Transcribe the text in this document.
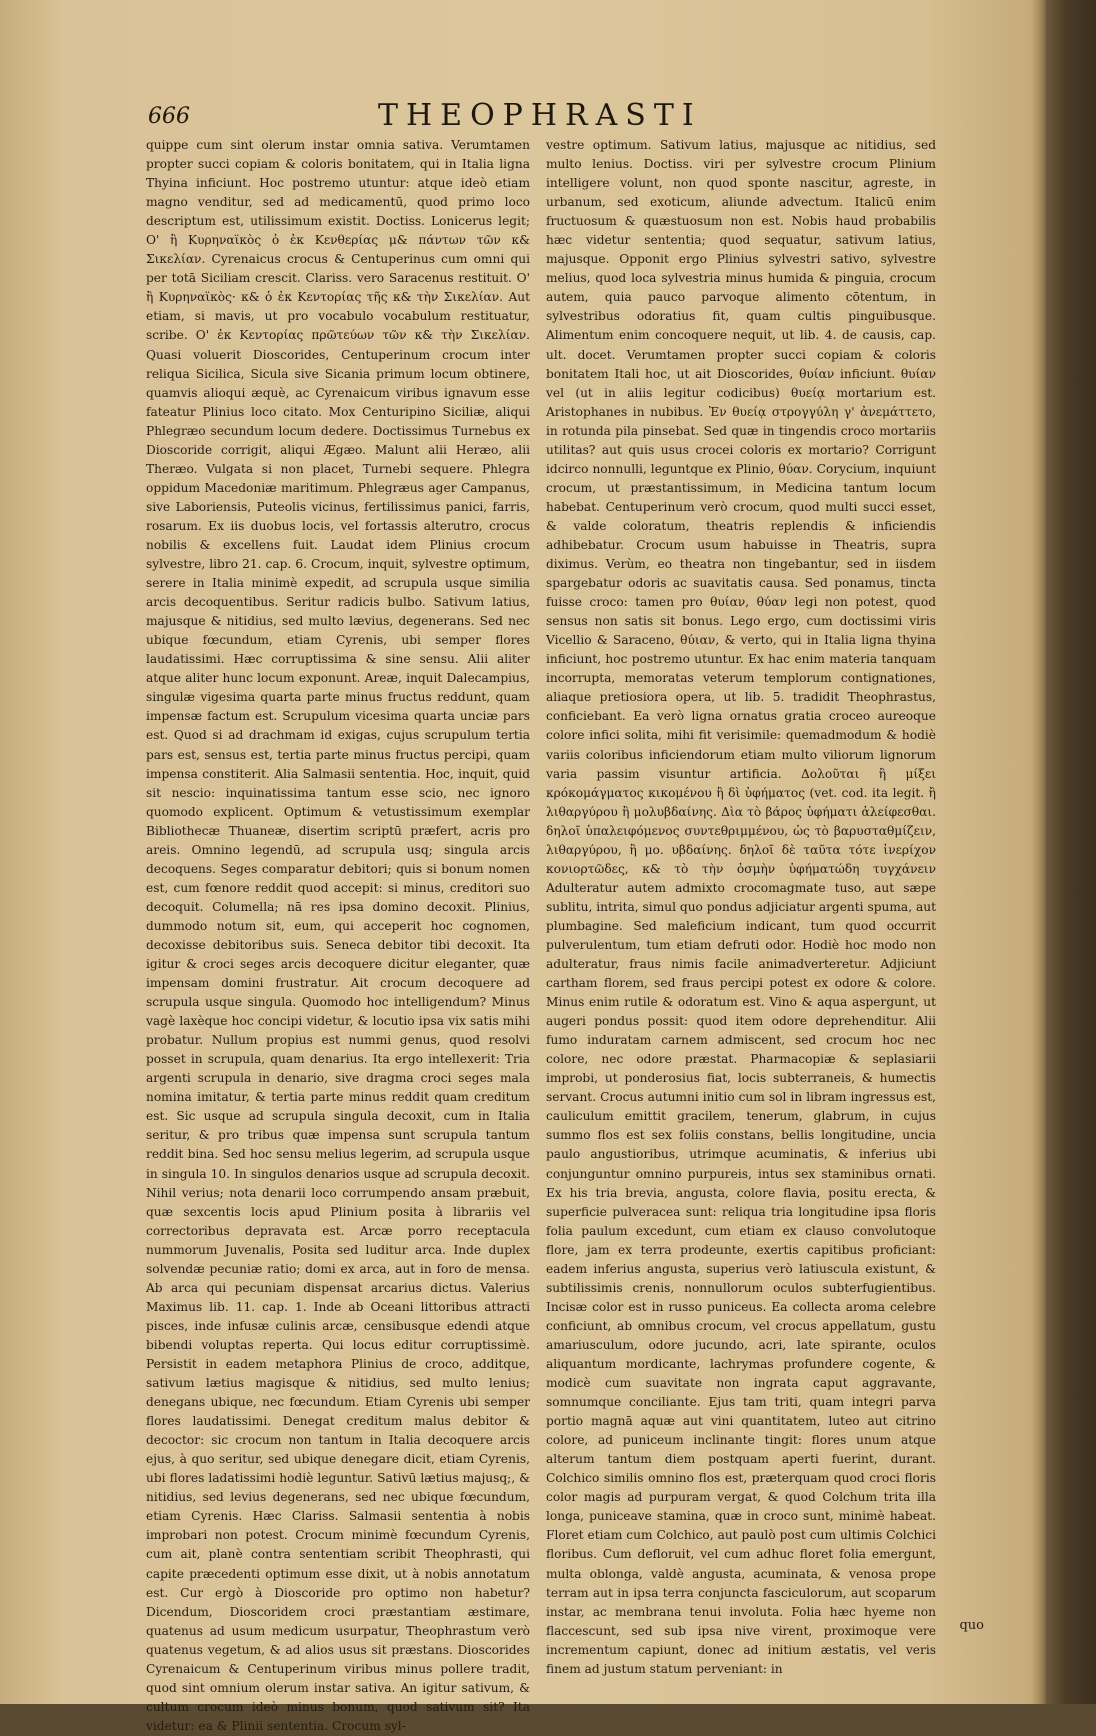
666	THEOPHRASTI

quippe cum sint olerum instar omnia sativa. Verumtamen propter succi copiam & coloris bonitatem, qui in Italia ligna Thyina inficiunt. Hoc postremo utuntur: atque ideò etiam magno venditur, sed ad medicamentū, quod primo loco descriptum est, utilissimum existit. Doctiss. Lonicerus legit; Ο' ἢ Κυρηναϊκὸς ὁ ἐκ Κενθερίας μ& πάντων τῶν κ& Σικελίαν. Cyrenaicus crocus & Centuperinus cum omni qui per totā Siciliam crescit. Clariss. vero Saracenus restituit. Ο' ἢ Κυρηναϊκὸς· κ& ὁ ἐκ Κεντορίας τῆς κ& τὴν Σικελίαν. Aut etiam, si mavis, ut pro vocabulo vocabulum restituatur, scribe. Ο' ἐκ Κεντορίας πρῶτεύων τῶν κ& τὴν Σικελίαν. Quasi voluerit Dioscorides, Centuperinum crocum inter reliqua Sicilica, Sicula sive Sicania primum locum obtinere, quamvis alioqui æquè, ac Cyrenaicum viribus ignavum esse fateatur Plinius loco citato. Mox Centuripino Siciliæ, aliqui Phlegræo secundum locum dedere. Doctissimus Turnebus ex Dioscoride corrigit, aliqui Ægæo. Malunt alii Heræo, alii Theræo. Vulgata si non placet, Turnebi sequere. Phlegra oppidum Macedoniæ maritimum. Phlegræus ager Campanus, sive Laboriensis, Puteolis vicinus, fertilissimus panici, farris, rosarum. Ex iis duobus locis, vel fortassis alterutro, crocus nobilis & excellens fuit. Laudat idem Plinius crocum sylvestre, libro 21. cap. 6. Crocum, inquit, sylvestre optimum, serere in Italia minimè expedit, ad scrupula usque similia arcis decoquentibus. Seritur radicis bulbo. Sativum latius, majusque & nitidius, sed multo lævius, degenerans. Sed nec ubique fœcundum, etiam Cyrenis, ubi semper flores laudatissimi. Hæc corruptissima & sine sensu. Alii aliter atque aliter hunc locum exponunt. Areæ, inquit Dalecampius, singulæ vigesima quarta parte minus fructus reddunt, quam impensæ factum est. Scrupulum vicesima quarta unciæ pars est. Quod si ad drachmam id exigas, cujus scrupulum tertia pars est, sensus est, tertia parte minus fructus percipi, quam impensa constiterit. Alia Salmasii sententia. Hoc, inquit, quid sit nescio: inquinatissima tantum esse scio, nec ignoro quomodo explicent. Optimum & vetustissimum exemplar Bibliothecæ Thuaneæ, disertim scriptū præfert, acris pro areis. Omnino legendū, ad scrupula usq; singula arcis decoquens. Seges comparatur debitori; quis si bonum nomen est, cum fœnore reddit quod accepit: si minus, creditori suo decoquit. Columella; nā res ipsa domino decoxit. Plinius, dummodo notum sit, eum, qui acceperit hoc cognomen, decoxisse debitoribus suis. Seneca debitor tibi decoxit. Ita igitur & croci seges arcis decoquere dicitur eleganter, quæ impensam domini frustratur. Ait crocum decoquere ad scrupula usque singula. Quomodo hoc intelligendum? Minus vagè laxèque hoc concipi videtur, & locutio ipsa vix satis mihi probatur. Nullum propius est nummi genus, quod resolvi posset in scrupula, quam denarius. Ita ergo intellexerit: Tria argenti scrupula in denario, sive dragma croci seges mala nomina imitatur, & tertia parte minus reddit quam creditum est. Sic usque ad scrupula singula decoxit, cum in Italia seritur, & pro tribus quæ impensa sunt scrupula tantum reddit bina. Sed hoc sensu melius legerim, ad scrupula usque in singula 10. In singulos denarios usque ad scrupula decoxit. Nihil verius; nota denarii loco corrumpendo ansam præbuit, quæ sexcentis locis apud Plinium posita à librariis vel correctoribus depravata est. Arcæ porro receptacula nummorum Juvenalis, Posita sed luditur arca. Inde duplex solvendæ pecuniæ ratio; domi ex arca, aut in foro de mensa. Ab arca qui pecuniam dispensat arcarius dictus. Valerius Maximus lib. 11. cap. 1. Inde ab Oceani littoribus attracti pisces, inde infusæ culinis arcæ, censibusque edendi atque bibendi voluptas reperta. Qui locus editur corruptissimè. Persistit in eadem metaphora Plinius de croco, additque, sativum lætius magisque & nitidius, sed multo lenius; denegans ubique, nec fœcundum. Etiam Cyrenis ubi semper flores laudatissimi. Denegat creditum malus debitor & decoctor: sic crocum non tantum in Italia decoquere arcis ejus, à quo seritur, sed ubique denegare dicit, etiam Cyrenis, ubi flores ladatissimi hodiè leguntur. Sativū lætius majusq;, & nitidius, sed levius degenerans, sed nec ubique fœcundum, etiam Cyrenis. Hæc Clariss. Salmasii sententia à nobis improbari non potest. Crocum minimè fœcundum Cyrenis, cum ait, planè contra sententiam scribit Theophrasti, qui capite præcedenti optimum esse dixit, ut à nobis annotatum est. Cur ergò à Dioscoride pro optimo non habetur? Dicendum, Dioscoridem croci præstantiam æstimare, quatenus ad usum medicum usurpatur, Theophrastum verò quatenus vegetum, & ad alios usus sit præstans. Dioscorides Cyrenaicum & Centuperinum viribus minus pollere tradit, quod sint omnium olerum instar sativa. An igitur sativum, & cultum crocum ideò minus bonum, quod sativum sit? Ita videtur: ea & Plinii sententia. Crocum syl-

vestre optimum. Sativum latius, majusque ac nitidius, sed multo lenius. Doctiss. viri per sylvestre crocum Plinium intelligere volunt, non quod sponte nascitur, agreste, in urbanum, sed exoticum, aliunde advectum. Italicū enim fructuosum & quæstuosum non est. Nobis haud probabilis hæc videtur sententia; quod sequatur, sativum latius, majusque. Opponit ergo Plinius sylvestri sativo, sylvestre melius, quod loca sylvestria minus humida & pinguia, crocum autem, quia pauco parvoque alimento cōtentum, in sylvestribus odoratius fit, quam cultis pinguibusque. Alimentum enim concoquere nequit, ut lib. 4. de causis, cap. ult. docet. Verumtamen propter succi copiam & coloris bonitatem Itali hoc, ut ait Dioscorides, θυίαν inficiunt. θυίαν vel (ut in aliis legitur codicibus) θυείᾳ mortarium est. Aristophanes in nubibus. Ἐν θυείᾳ στρογγύλη γ' ἀνεμάττετο, in rotunda pila pinsebat. Sed quæ in tingendis croco mortariis utilitas? aut quis usus crocei coloris ex mortario? Corrigunt idcirco nonnulli, leguntque ex Plinio, θύαν. Corycium, inquiunt crocum, ut præstantissimum, in Medicina tantum locum habebat. Centuperinum verò crocum, quod multi succi esset, & valde coloratum, theatris replendis & inficiendis adhibebatur. Crocum usum habuisse in Theatris, supra diximus. Verùm, eo theatra non tingebantur, sed in iisdem spargebatur odoris ac suavitatis causa. Sed ponamus, tincta fuisse croco: tamen pro θυίαν, θύαν legi non potest, quod sensus non satis sit bonus. Lego ergo, cum doctissimi viris Vicellio & Saraceno, θύιαν, & verto, qui in Italia ligna thyina inficiunt, hoc postremo utuntur. Ex hac enim materia tanquam incorrupta, memoratas veterum templorum contignationes, aliaque pretiosiora opera, ut lib. 5. tradidit Theophrastus, conficiebant. Ea verò ligna ornatus gratia croceo aureoque colore infici solita, mihi fit verisimile: quemadmodum & hodiè variis coloribus inficiendorum etiam multo viliorum lignorum varia passim visuntur artificia. Δολοῦται ἢ μίξει κρόκομάγματος κικομένου ἢ δὶ ὑφήματος (vet. cod. ita legit. ἢ λιθαργύρου ἢ μολυβδαίνης. Δὶα τὸ βάρος ὑφήματι ἀλείφεσθαι. δηλοῖ ὑπαλειφόμενος συντεθριμμένου, ὡς τὸ βαρυσταθμίζειν, λιθαργύρου, ἢ μο. υβδαίνης. δηλοῖ δὲ ταῦτα τότε ἰνερίχον κονιορτῶδες, κ& τὸ τὴν ὀσμὴν ὑφήματώδη τυγχάνειν Adulteratur autem admixto crocomagmate tuso, aut sæpe sublitu, intrita, simul quo pondus adjiciatur argenti spuma, aut plumbagine. Sed maleficium indicant, tum quod occurrit pulverulentum, tum etiam defruti odor. Hodiè hoc modo non adulteratur, fraus nimis facile animadverteretur. Adjiciunt cartham florem, sed fraus percipi potest ex odore & colore. Minus enim rutile & odoratum est. Vino & aqua aspergunt, ut augeri pondus possit: quod item odore deprehenditur. Alii fumo induratam carnem admiscent, sed crocum hoc nec colore, nec odore præstat. Pharmacopiæ & seplasiarii improbi, ut ponderosius fiat, locis subterraneis, & humectis servant. Crocus autumni initio cum sol in libram ingressus est, cauliculum emittit gracilem, tenerum, glabrum, in cujus summo flos est sex foliis constans, bellis longitudine, uncia paulo angustioribus, utrimque acuminatis, & inferius ubi conjunguntur omnino purpureis, intus sex staminibus ornati. Ex his tria brevia, angusta, colore flavia, positu erecta, & superficie pulveracea sunt: reliqua tria longitudine ipsa floris folia paulum excedunt, cum etiam ex clauso convolutoque flore, jam ex terra prodeunte, exertis capitibus proficiant: eadem inferius angusta, superius verò latiuscula existunt, & subtilissimis crenis, nonnullorum oculos subterfugientibus. Incisæ color est in russo puniceus. Ea collecta aroma celebre conficiunt, ab omnibus crocum, vel crocus appellatum, gustu amariusculum, odore jucundo, acri, late spirante, oculos aliquantum mordicante, lachrymas profundere cogente, & modicè cum suavitate non ingrata caput aggravante, somnumque conciliante. Ejus tam triti, quam integri parva portio magnā aquæ aut vini quantitatem, luteo aut citrino colore, ad puniceum inclinante tingit: flores unum atque alterum tantum diem postquam aperti fuerint, durant. Colchico similis omnino flos est, præterquam quod croci floris color magis ad purpuram vergat, & quod Colchum trita illa longa, puniceave stamina, quæ in croco sunt, minimè habeat. Floret etiam cum Colchico, aut paulò post cum ultimis Colchici floribus. Cum defloruit, vel cum adhuc floret folia emergunt, multa oblonga, valdè angusta, acuminata, & venosa prope terram aut in ipsa terra conjuncta fasciculorum, aut scoparum instar, ac membrana tenui involuta. Folia hæc hyeme non flaccescunt, sed sub ipsa nive virent, proximoque vere incrementum capiunt, donec ad initium æstatis, vel veris finem ad justum statum perveniant: in

quo
